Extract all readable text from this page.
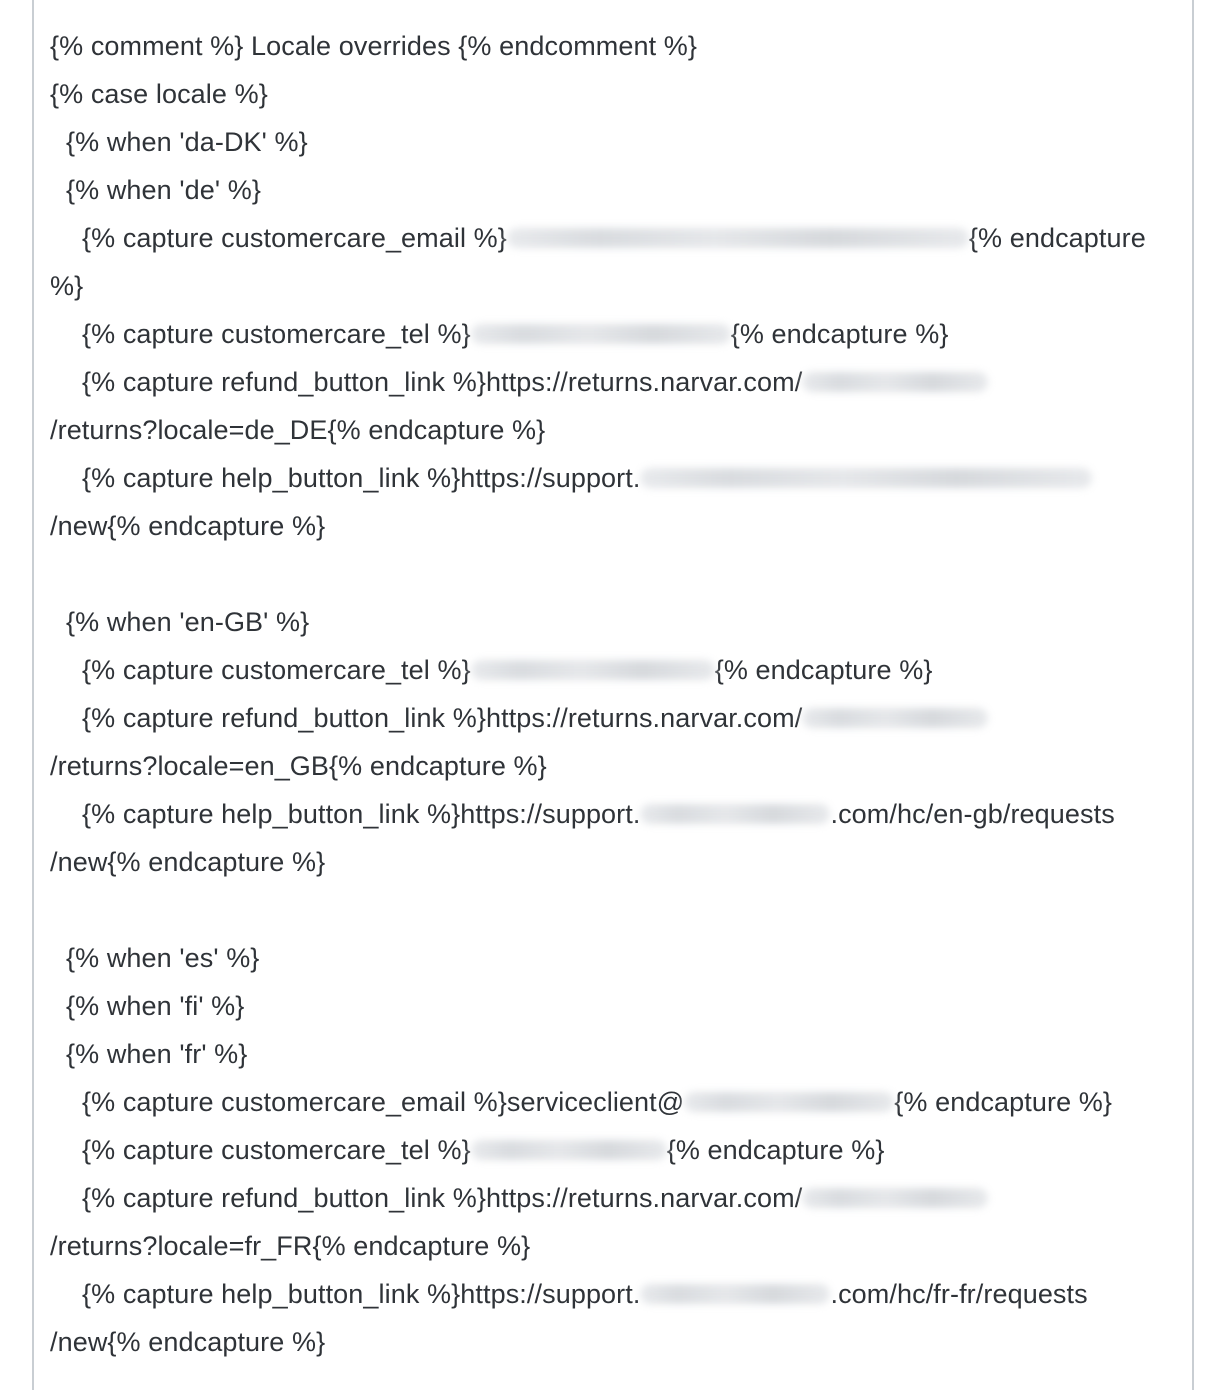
{% comment %} Locale overrides {% endcomment %}
{% case locale %}
{% when 'da-DK' %}
{% when 'de' %}
{% capture customercare_email %}	{% endcapture
%}
{% capture customercare_tel %}	{% endcapture %}
{% capture refund_button_link %}https://returns.narvar.com/
/returns?locale=de_DE{% endcapture %}
{% capture help_button_link %}https://support.
/new{% endcapture %}
{% when 'en-GB' %}
{% capture customercare_tel %}	{% endcapture %}
{% capture refund_button_link %}https://returns.narvar.com/
/returns?locale=en_GB{% endcapture %}
{% capture help_button_link %}https://support.	.com/hc/en-gb/requests
/new{% endcapture %}
{% when 'es' %}
{% when 'fi' %}
{% when 'fr' %}
{% capture customercare_email %}serviceclient@	{% endcapture %}
{% capture customercare_tel %}	{% endcapture %}
{% capture refund_button_link %}https://returns.narvar.com/
/returns?locale=fr_FR{% endcapture %}
{% capture help_button_link %}https://support.	.com/hc/fr-fr/requests
/new{% endcapture %}
